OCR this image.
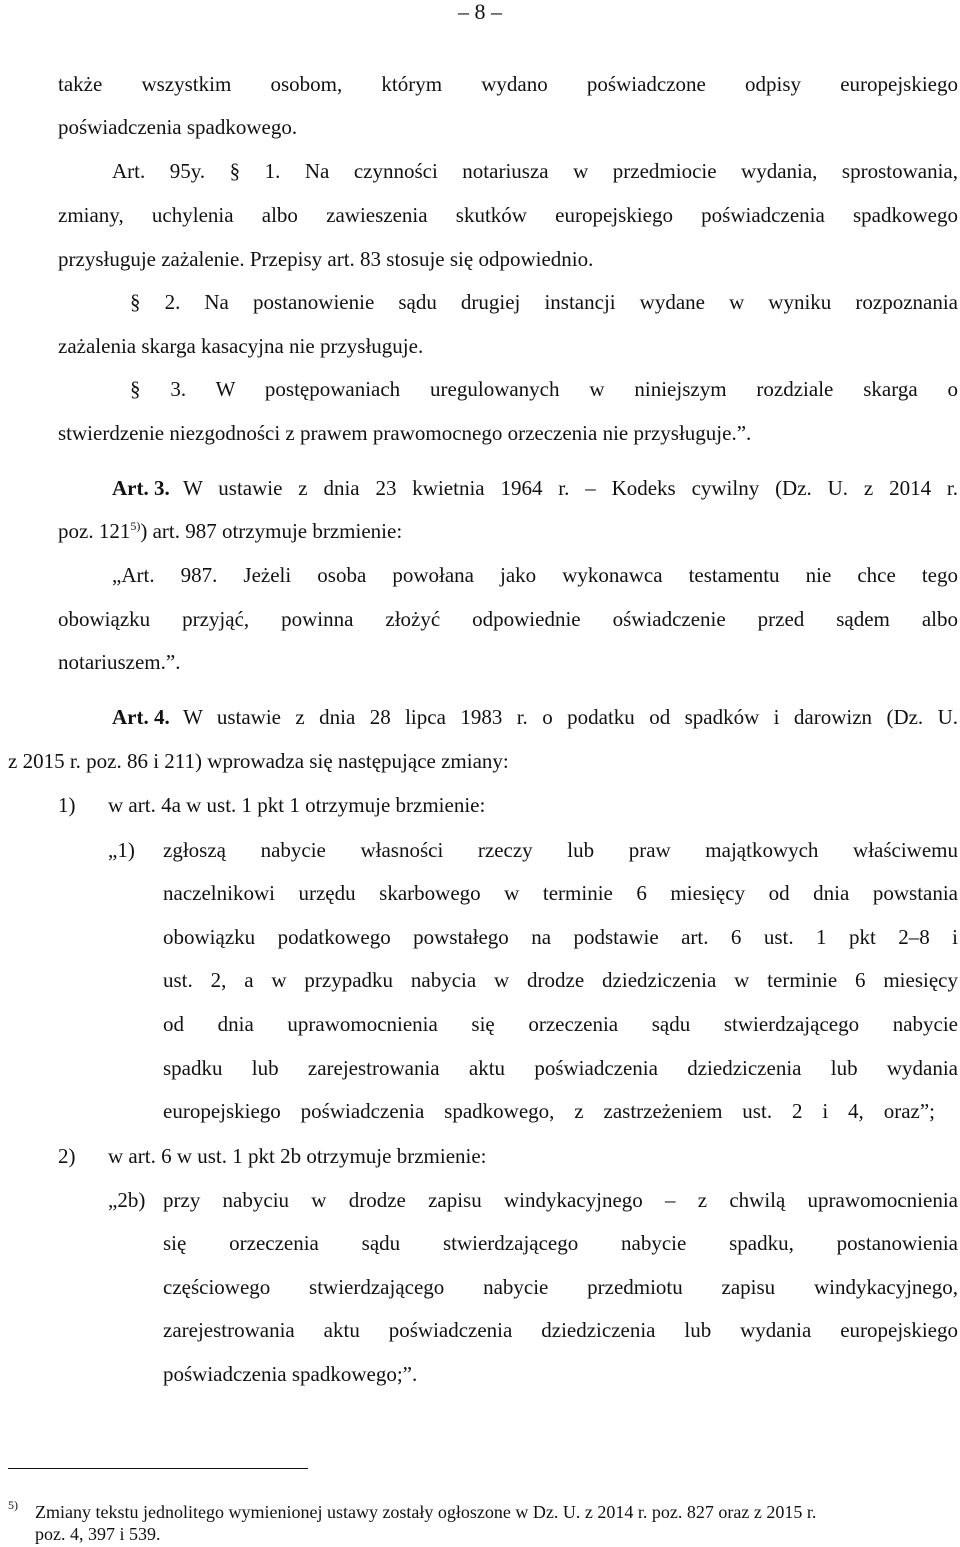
– 8 –
także wszystkim osobom, którym wydano poświadczone odpisy europejskiego
poświadczenia spadkowego.
Art. 95y. § 1. Na czynności notariusza w przedmiocie wydania, sprostowania,
zmiany, uchylenia albo zawieszenia skutków europejskiego poświadczenia spadkowego
przysługuje zażalenie. Przepisy art. 83 stosuje się odpowiednio.
§ 2. Na postanowienie sądu drugiej instancji wydane w wyniku rozpoznania
zażalenia skarga kasacyjna nie przysługuje.
§ 3. W postępowaniach uregulowanych w niniejszym rozdziale skarga o
stwierdzenie niezgodności z prawem prawomocnego orzeczenia nie przysługuje.”.
Art. 3. W ustawie z dnia 23 kwietnia 1964 r. – Kodeks cywilny (Dz. U. z 2014 r.
poz. 121$^{5)}$) art. 987 otrzymuje brzmienie:
„Art. 987. Jeżeli osoba powołana jako wykonawca testamentu nie chce tego
obowiązku przyjąć, powinna złożyć odpowiednie oświadczenie przed sądem albo
notariuszem.”.
Art. 4. W ustawie z dnia 28 lipca 1983 r. o podatku od spadków i darowizn (Dz. U.
z 2015 r. poz. 86 i 211) wprowadza się następujące zmiany:
1) w art. 4a w ust. 1 pkt 1 otrzymuje brzmienie:
„1) zgłoszą nabycie własności rzeczy lub praw majątkowych właściwemu
naczelnikowi urzędu skarbowego w terminie 6 miesięcy od dnia powstania
obowiązku podatkowego powstałego na podstawie art. 6 ust. 1 pkt 2–8 i
ust. 2, a w przypadku nabycia w drodze dziedziczenia w terminie 6 miesięcy
od dnia uprawomocnienia się orzeczenia sądu stwierdzającego nabycie
spadku lub zarejestrowania aktu poświadczenia dziedziczenia lub wydania
europejskiego poświadczenia spadkowego, z zastrzeżeniem ust. 2 i 4, oraz”;
2) w art. 6 w ust. 1 pkt 2b otrzymuje brzmienie:
„2b) przy nabyciu w drodze zapisu windykacyjnego – z chwilą uprawomocnienia
się orzeczenia sądu stwierdzającego nabycie spadku, postanowienia
częściowego stwierdzającego nabycie przedmiotu zapisu windykacyjnego,
zarejestrowania aktu poświadczenia dziedziczenia lub wydania europejskiego
poświadczenia spadkowego;”.
5) Zmiany tekstu jednolitego wymienionej ustawy zostały ogłoszone w Dz. U. z 2014 r. poz. 827 oraz z 2015 r.
poz. 4, 397 i 539.
